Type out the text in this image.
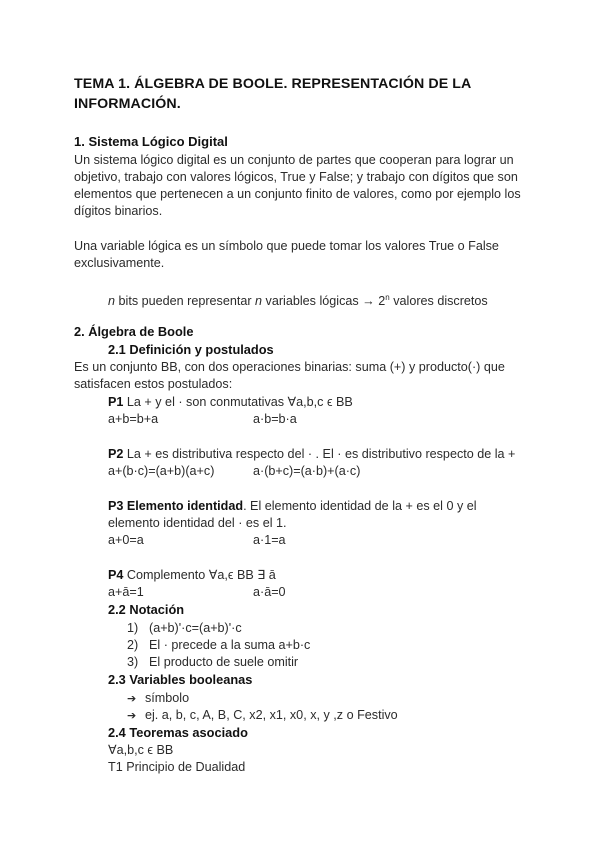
TEMA 1. ÁLGEBRA DE BOOLE. REPRESENTACIÓN DE LA
INFORMACIÓN.
1. Sistema Lógico Digital
Un sistema lógico digital es un conjunto de partes que cooperan para lograr un
objetivo, trabajo con valores lógicos, True y False; y trabajo con dígitos que son
elementos que pertenecen a un conjunto finito de valores, como por ejemplo los
dígitos binarios.
Una variable lógica es un símbolo que puede tomar los valores True o False
exclusivamente.
n bits pueden representar n variables lógicas → $2^n$ valores discretos
2. Álgebra de Boole
2.1 Definición y postulados
Es un conjunto BB, con dos operaciones binarias: suma (+) y producto(·) que
satisfacen estos postulados:
P1 La + y el · son conmutativas ∀a,b,c ϵ BB
a+b=b+a	a·b=b·a
P2 La + es distributiva respecto del · . El · es distributivo respecto de la +
a+(b·c)=(a+b)(a+c)	a·(b+c)=(a·b)+(a·c)
P3 Elemento identidad. El elemento identidad de la + es el 0 y el
elemento identidad del · es el 1.
a+0=a	a·1=a
P4 Complemento ∀a,ϵ BB ∃ ā
a+ā=1	a·ā=0
2.2 Notación
1) (a+b)'·c=(a+b)'·c
2) El · precede a la suma a+b·c
3) El producto de suele omitir
2.3 Variables booleanas
➔ símbolo
➔ ej. a, b, c, A, B, C, x2, x1, x0, x, y ,z o Festivo
2.4 Teoremas asociado
∀a,b,c ϵ BB
T1 Principio de Dualidad
